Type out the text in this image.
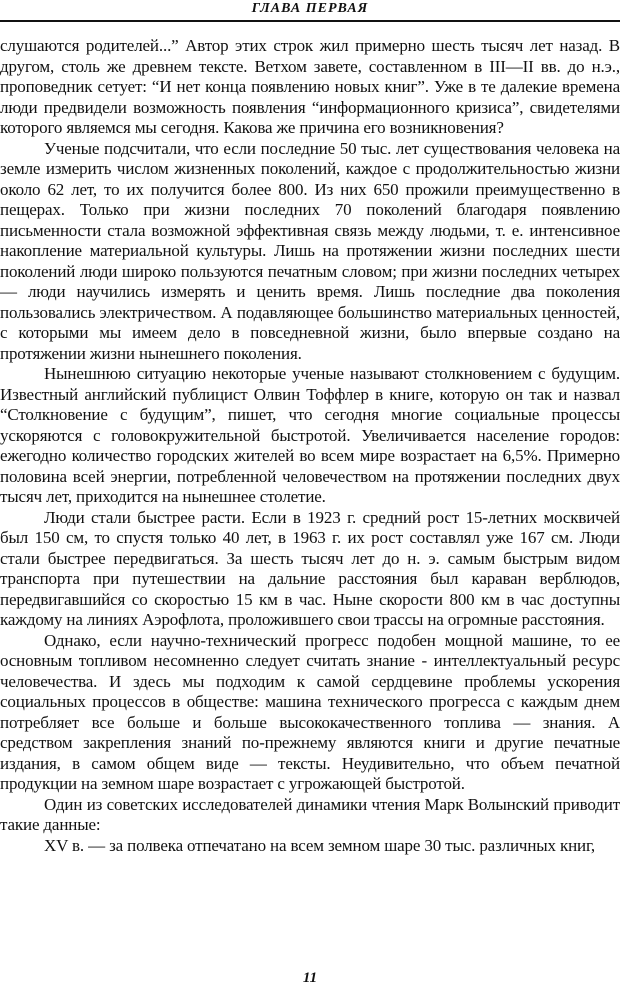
ГЛАВА ПЕРВАЯ

слушаются родителей...” Автор этих строк жил примерно шесть тысяч лет назад. В другом, столь же древнем тексте. Ветхом завете, составленном в III—II вв. до н.э., проповедник сетует: “И нет конца появлению новых книг”. Уже в те далекие времена люди предвидели возможность появления “информационного кризиса”, свидетелями которого являемся мы сегодня. Какова же причина его возникновения?

Ученые подсчитали, что если последние 50 тыс. лет существования человека на земле измерить числом жизненных поколений, каждое с продолжительностью жизни около 62 лет, то их получится более 800. Из них 650 прожили преимущественно в пещерах. Только при жизни последних 70 поколений благодаря появлению письменности стала возможной эффективная связь между людьми, т. е. интенсивное накопление материальной культуры. Лишь на протяжении жизни последних шести поколений люди широко пользуются печатным словом; при жизни последних четырех — люди научились измерять и ценить время. Лишь последние два поколения пользовались электричеством. А подавляющее большинство материальных ценностей, с которыми мы имеем дело в повседневной жизни, было впервые создано на протяжении жизни нынешнего поколения.

Нынешнюю ситуацию некоторые ученые называют столкновением с будущим. Известный английский публицист Олвин Тоффлер в книге, которую он так и назвал “Столкновение с будущим”, пишет, что сегодня многие социальные процессы ускоряются с головокружительной быстротой. Увеличивается население городов: ежегодно количество городских жителей во всем мире возрастает на 6,5%. Примерно половина всей энергии, потребленной человечеством на протяжении последних двух тысяч лет, приходится на нынешнее столетие.

Люди стали быстрее расти. Если в 1923 г. средний рост 15-летних москвичей был 150 см, то спустя только 40 лет, в 1963 г. их рост составлял уже 167 см. Люди стали быстрее передвигаться. За шесть тысяч лет до н. э. самым быстрым видом транспорта при путешествии на дальние расстояния был караван верблюдов, передвигавшийся со скоростью 15 км в час. Ныне скорости 800 км в час доступны каждому на линиях Аэрофлота, проложившего свои трассы на огромные расстояния.

Однако, если научно-технический прогресс подобен мощной машине, то ее основным топливом несомненно следует считать знание - интеллектуальный ресурс человечества. И здесь мы подходим к самой сердцевине проблемы ускорения социальных процессов в обществе: машина технического прогресса с каждым днем потребляет все больше и больше высококачественного топлива — знания. А средством закрепления знаний по-прежнему являются книги и другие печатные издания, в самом общем виде — тексты. Неудивительно, что объем печатной продукции на земном шаре возрастает с угрожающей быстротой.

Один из советских исследователей динамики чтения Марк Волынский приводит такие данные:

XV в. — за полвека отпечатано на всем земном шаре 30 тыс. различных книг,

11
